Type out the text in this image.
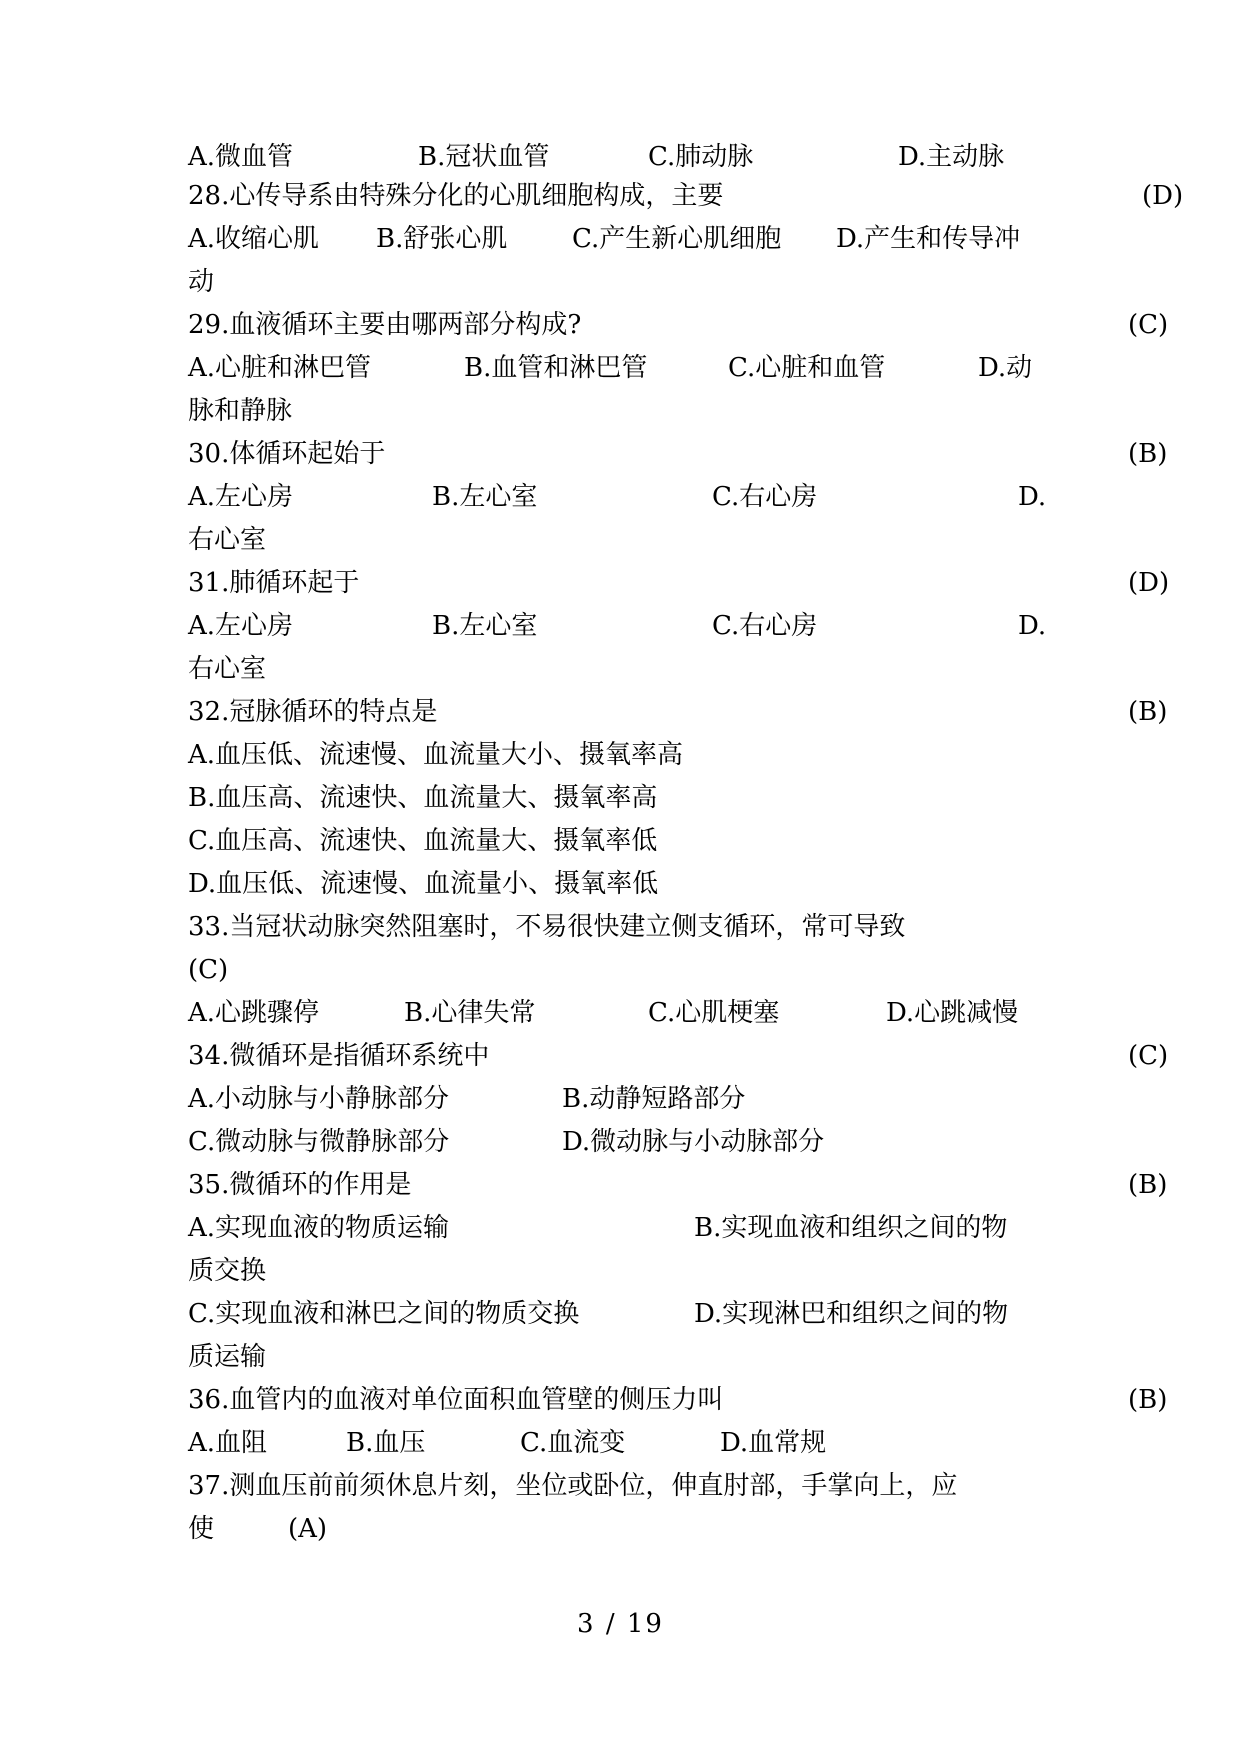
A.微血管	B.冠状血管	C.肺动脉	D.主动脉
28.心传导系由特殊分化的心肌细胞构成，主要	(D)
A.收缩心肌 B.舒张心肌 C.产生新心肌细胞 D.产生和传导冲
动
29.血液循环主要由哪两部分构成?	(C)
A.心脏和淋巴管	B.血管和淋巴管	C.心脏和血管	D.动
脉和静脉
30.体循环起始于	(B)
A.左心房	B.左心室	C.右心房	D.
右心室
31.肺循环起于	(D)
A.左心房	B.左心室	C.右心房	D.
右心室
32.冠脉循环的特点是	(B)
A.血压低、流速慢、血流量大小、摄氧率高
B.血压高、流速快、血流量大、摄氧率高
C.血压高、流速快、血流量大、摄氧率低
D.血压低、流速慢、血流量小、摄氧率低
33.当冠状动脉突然阻塞时，不易很快建立侧支循环，常可导致
(C)
A.心跳骤停	B.心律失常	C.心肌梗塞	D.心跳减慢
34.微循环是指循环系统中	(C)
A.小动脉与小静脉部分	B.动静短路部分
C.微动脉与微静脉部分	D.微动脉与小动脉部分
35.微循环的作用是	(B)
A.实现血液的物质运输	B.实现血液和组织之间的物
质交换
C.实现血液和淋巴之间的物质交换	D.实现淋巴和组织之间的物
质运输
36.血管内的血液对单位面积血管壁的侧压力叫	(B)
A.血阻	B.血压	C.血流变	D.血常规
37.测血压前前须休息片刻，坐位或卧位，伸直肘部，手掌向上，应
使	(A)
3 / 19
